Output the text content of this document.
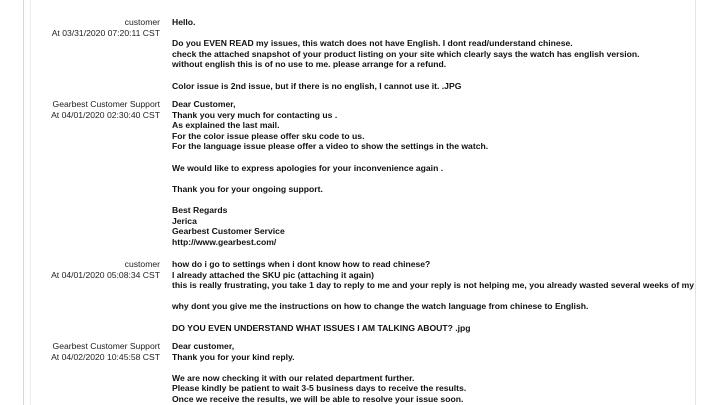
customer
At 03/31/2020 07:20:11 CST
Hello.
Do you EVEN READ my issues, this watch does not have English. I dont read/understand chinese.
check the attached snapshot of your product listing on your site which clearly says the watch has english version.
without english this is of no use to me. please arrange for a refund.
Color issue is 2nd issue, but if there is no english, I cannot use it. .JPG
Gearbest Customer Support
At 04/01/2020 02:30:40 CST
Dear Customer,
Thank you very much for contacting us .
As explained the last mail.
For the color issue please offer sku code to us.
For the language issue please offer a video to show the settings in the watch.
We would like to express apologies for your inconvenience again .
Thank you for your ongoing support.
Best Regards
Jerica
Gearbest Customer Service
http://www.gearbest.com/
customer
At 04/01/2020 05:08:34 CST
how do i go to settings when i dont know how to read chinese?
I already attached the SKU pic (attaching it again)
this is really frustrating, you take 1 day to reply to me and your reply is not helping me, you already wasted several weeks of my
why dont you give me the instructions on how to change the watch language from chinese to English.
DO YOU EVEN UNDERSTAND WHAT ISSUES I AM TALKING ABOUT? .jpg
Gearbest Customer Support
At 04/02/2020 10:45:58 CST
Dear customer,
Thank you for your kind reply.
We are now checking it with our related department further.
Please kindly be patient to wait 3-5 business days to receive the results.
Once we receive the results, we will be able to resolve your issue soon.
